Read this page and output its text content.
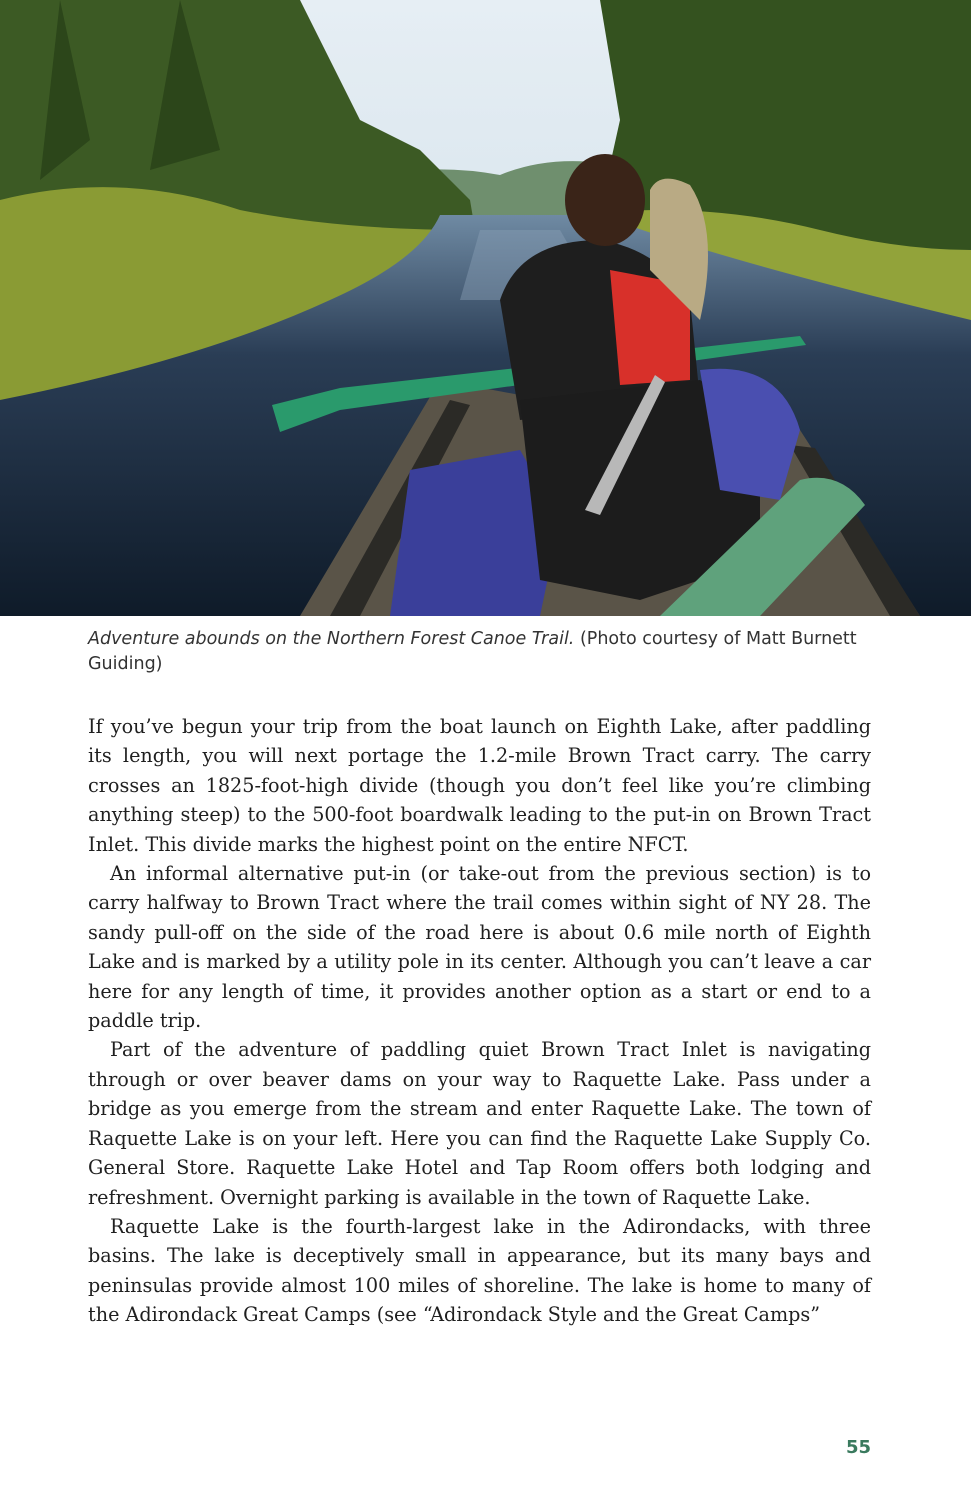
Adventure abounds on the Northern Forest Canoe Trail. (Photo courtesy of Matt Burnett Guiding)

If you’ve begun your trip from the boat launch on Eighth Lake, after paddling its length, you will next portage the 1.2-mile Brown Tract carry. The carry crosses an 1825-foot-high divide (though you don’t feel like you’re climbing anything steep) to the 500-foot boardwalk leading to the put-in on Brown Tract Inlet. This divide marks the highest point on the entire NFCT.

An informal alternative put-in (or take-out from the previous section) is to carry halfway to Brown Tract where the trail comes within sight of NY 28. The sandy pull-off on the side of the road here is about 0.6 mile north of Eighth Lake and is marked by a utility pole in its center. Although you can’t leave a car here for any length of time, it provides another option as a start or end to a paddle trip.

Part of the adventure of paddling quiet Brown Tract Inlet is navigating through or over beaver dams on your way to Raquette Lake. Pass under a bridge as you emerge from the stream and enter Raquette Lake. The town of Raquette Lake is on your left. Here you can find the Raquette Lake Supply Co. General Store. Raquette Lake Hotel and Tap Room offers both lodging and refreshment. Overnight parking is available in the town of Raquette Lake.

Raquette Lake is the fourth-largest lake in the Adirondacks, with three basins. The lake is deceptively small in appearance, but its many bays and peninsulas provide almost 100 miles of shoreline. The lake is home to many of the Adirondack Great Camps (see “Adirondack Style and the Great Camps”

55
